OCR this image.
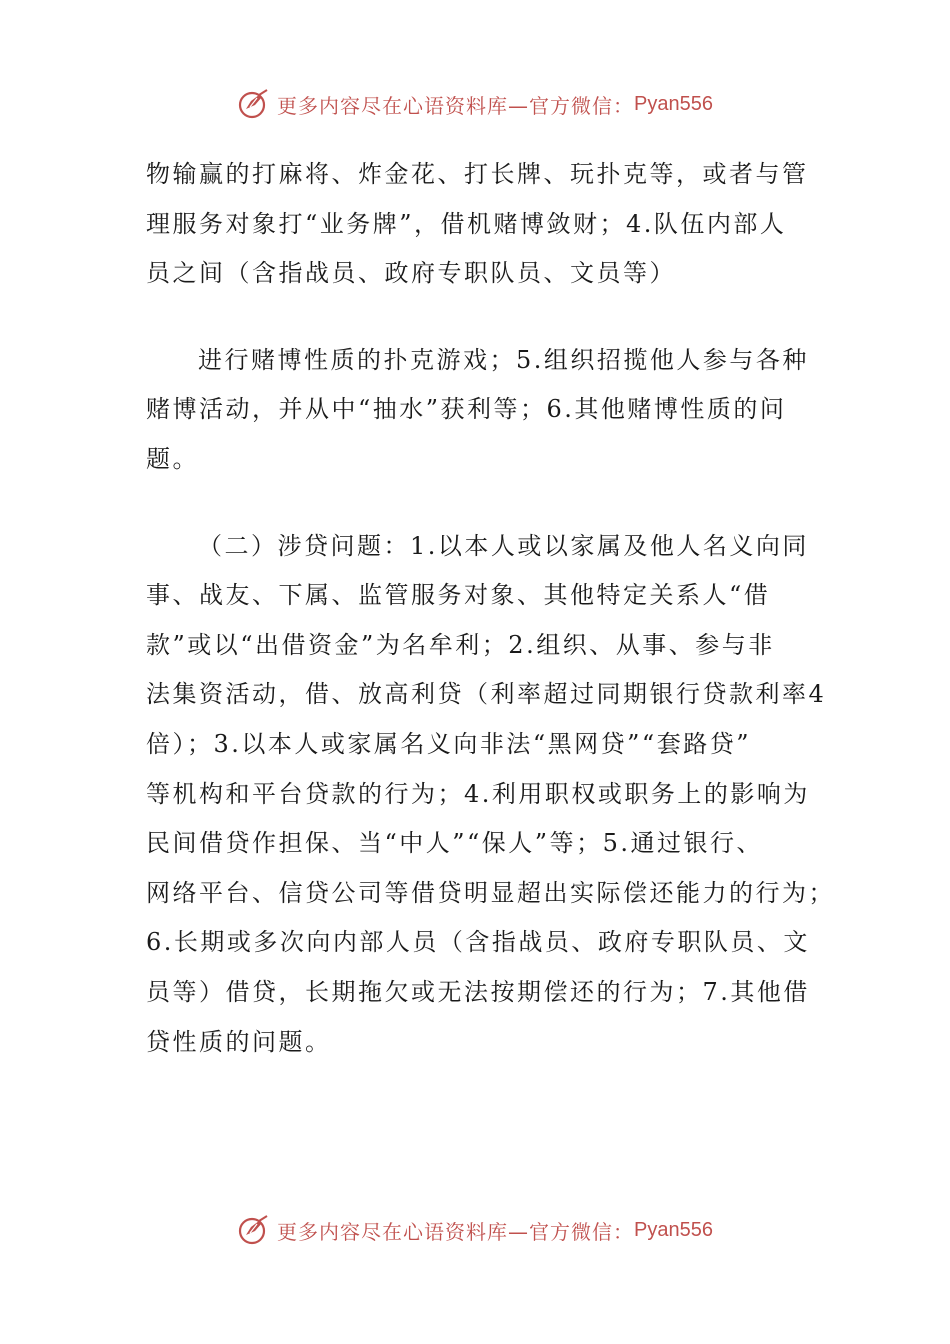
更多内容尽在心语资料库— 官方微信： Pyan556
物输赢的打麻将、炸金花、打长牌、玩扑克等，或者与管
理服务对象打“业务牌”，借机赌博敛财；4.队伍内部人
员之间（含指战员、政府专职队员、文员等）
进行赌博性质的扑克游戏；5.组织招揽他人参与各种
赌博活动，并从中“抽水”获利等；6.其他赌博性质的问
题。
（二）涉贷问题：1.以本人或以家属及他人名义向同
事、战友、下属、监管服务对象、其他特定关系人“借
款”或以“出借资金”为名牟利；2.组织、从事、参与非
法集资活动，借、放高利贷（利率超过同期银行贷款利率4
倍）；3.以本人或家属名义向非法“黑网贷”“套路贷”
等机构和平台贷款的行为；4.利用职权或职务上的影响为
民间借贷作担保、当“中人”“保人”等；5.通过银行、
网络平台、信贷公司等借贷明显超出实际偿还能力的行为；
6.长期或多次向内部人员（含指战员、政府专职队员、文
员等）借贷，长期拖欠或无法按期偿还的行为；7.其他借
贷性质的问题。
更多内容尽在心语资料库— 官方微信： Pyan556
